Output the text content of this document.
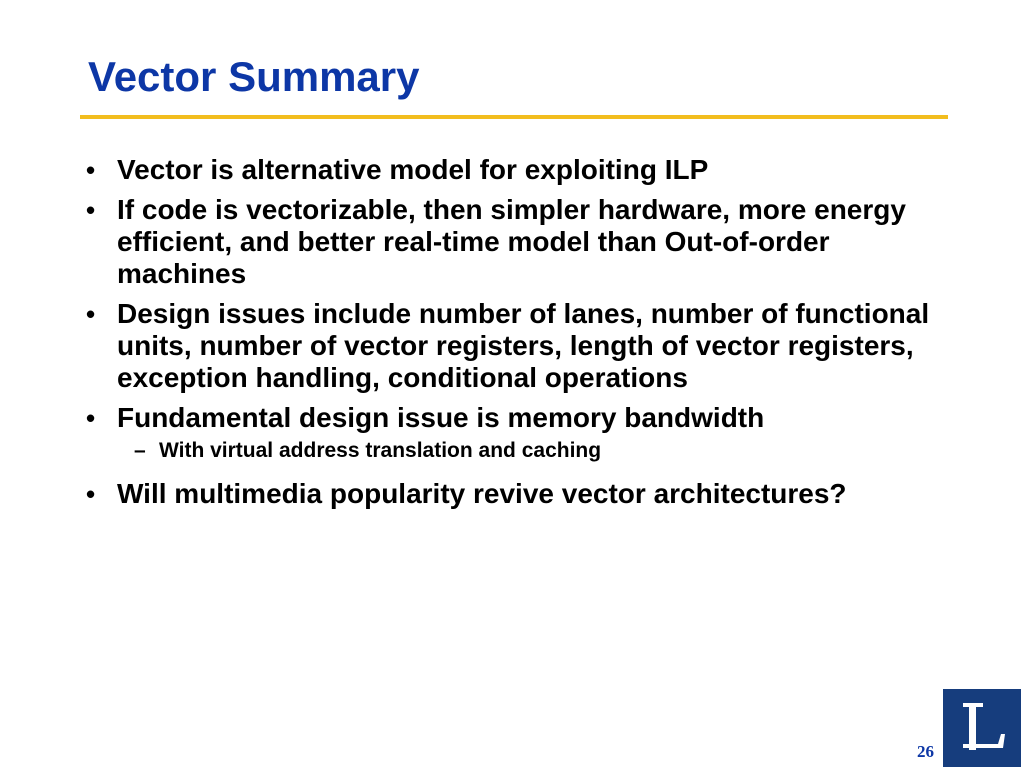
Vector Summary
• Vector is alternative model for exploiting ILP
• If code is vectorizable, then simpler hardware, more energy efficient, and better real-time model than Out-of-order machines
• Design issues include number of lanes, number of functional units, number of vector registers, length of vector registers, exception handling, conditional operations
• Fundamental design issue is memory bandwidth
– With virtual address translation and caching
• Will multimedia popularity revive vector architectures?
26
L
